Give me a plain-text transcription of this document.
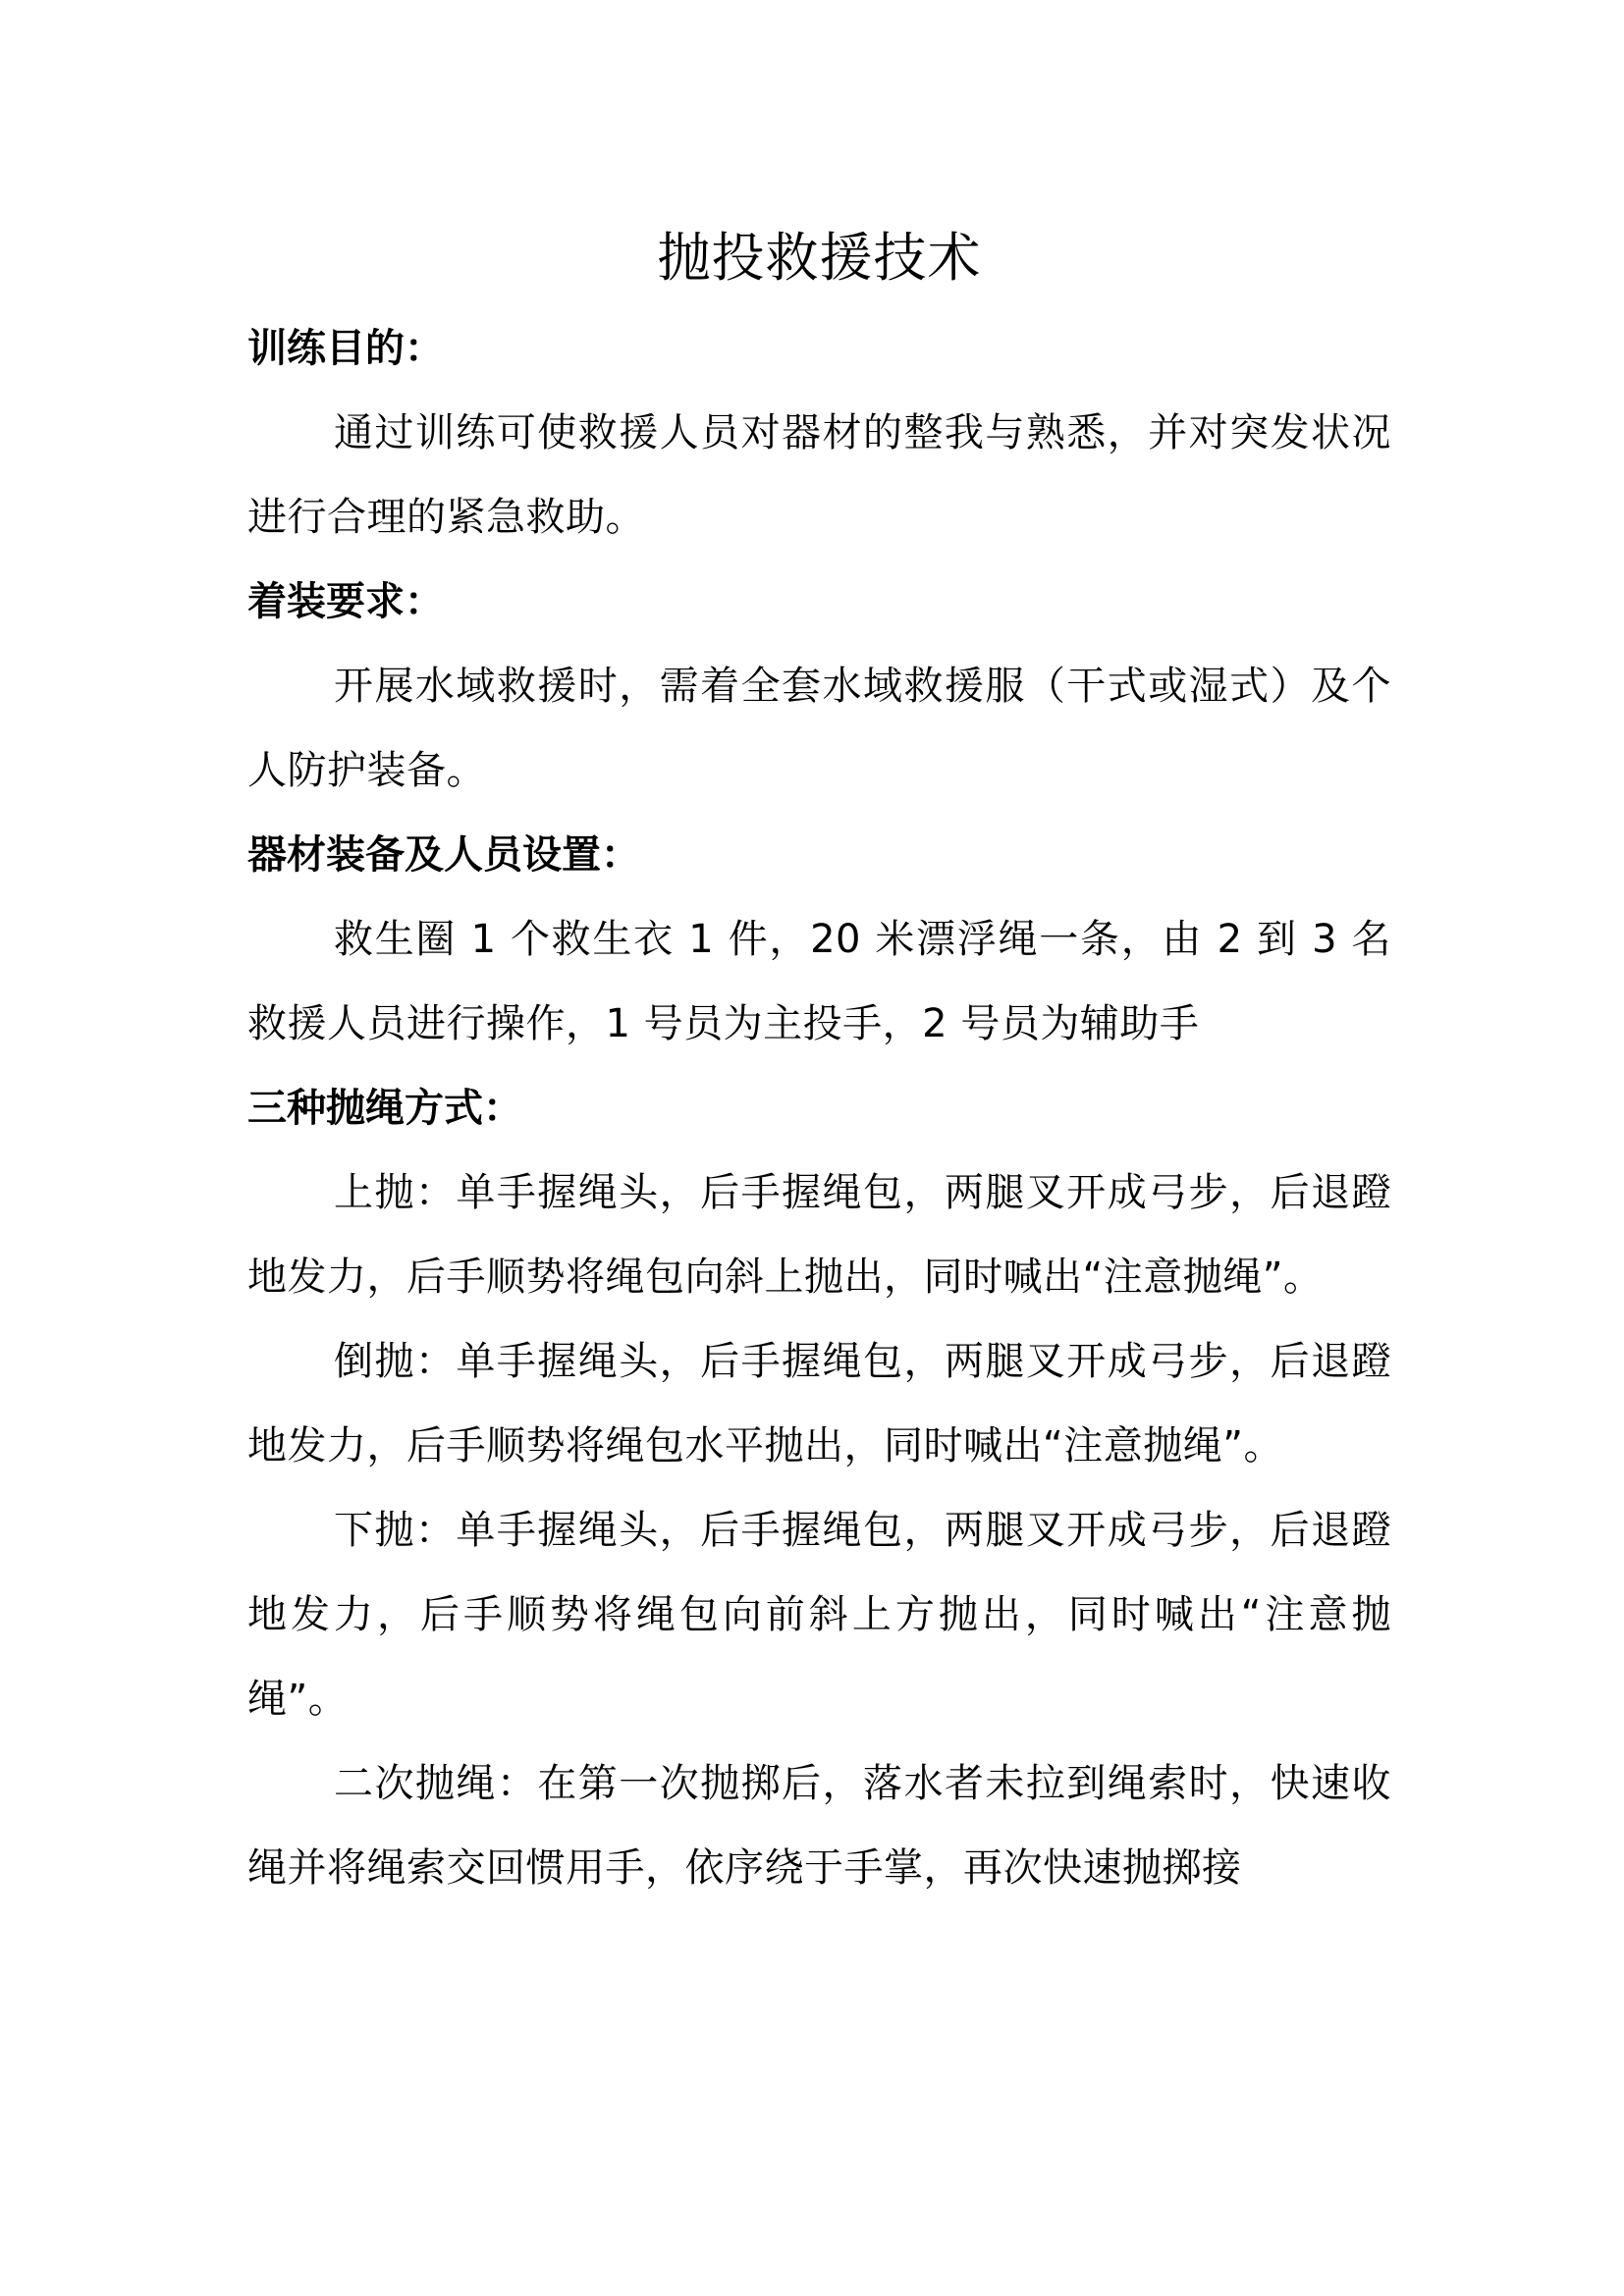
抛投救援技术

训练目的：

通过训练可使救援人员对器材的整我与熟悉，并对突发状况进行合理的紧急救助。

着装要求：

开展水域救援时，需着全套水域救援服（干式或湿式）及个人防护装备。

器材装备及人员设置：

救生圈 1 个救生衣 1 件，20 米漂浮绳一条，由 2 到 3 名救援人员进行操作，1 号员为主投手，2 号员为辅助手

三种抛绳方式：

上抛：单手握绳头，后手握绳包，两腿叉开成弓步，后退蹬地发力，后手顺势将绳包向斜上抛出，同时喊出“注意抛绳”。

倒抛：单手握绳头，后手握绳包，两腿叉开成弓步，后退蹬地发力，后手顺势将绳包水平抛出，同时喊出“注意抛绳”。

下抛：单手握绳头，后手握绳包，两腿叉开成弓步，后退蹬地发力，后手顺势将绳包向前斜上方抛出，同时喊出“注意抛绳”。

二次抛绳：在第一次抛掷后，落水者未拉到绳索时，快速收绳并将绳索交回惯用手，依序绕于手掌，再次快速抛掷接
